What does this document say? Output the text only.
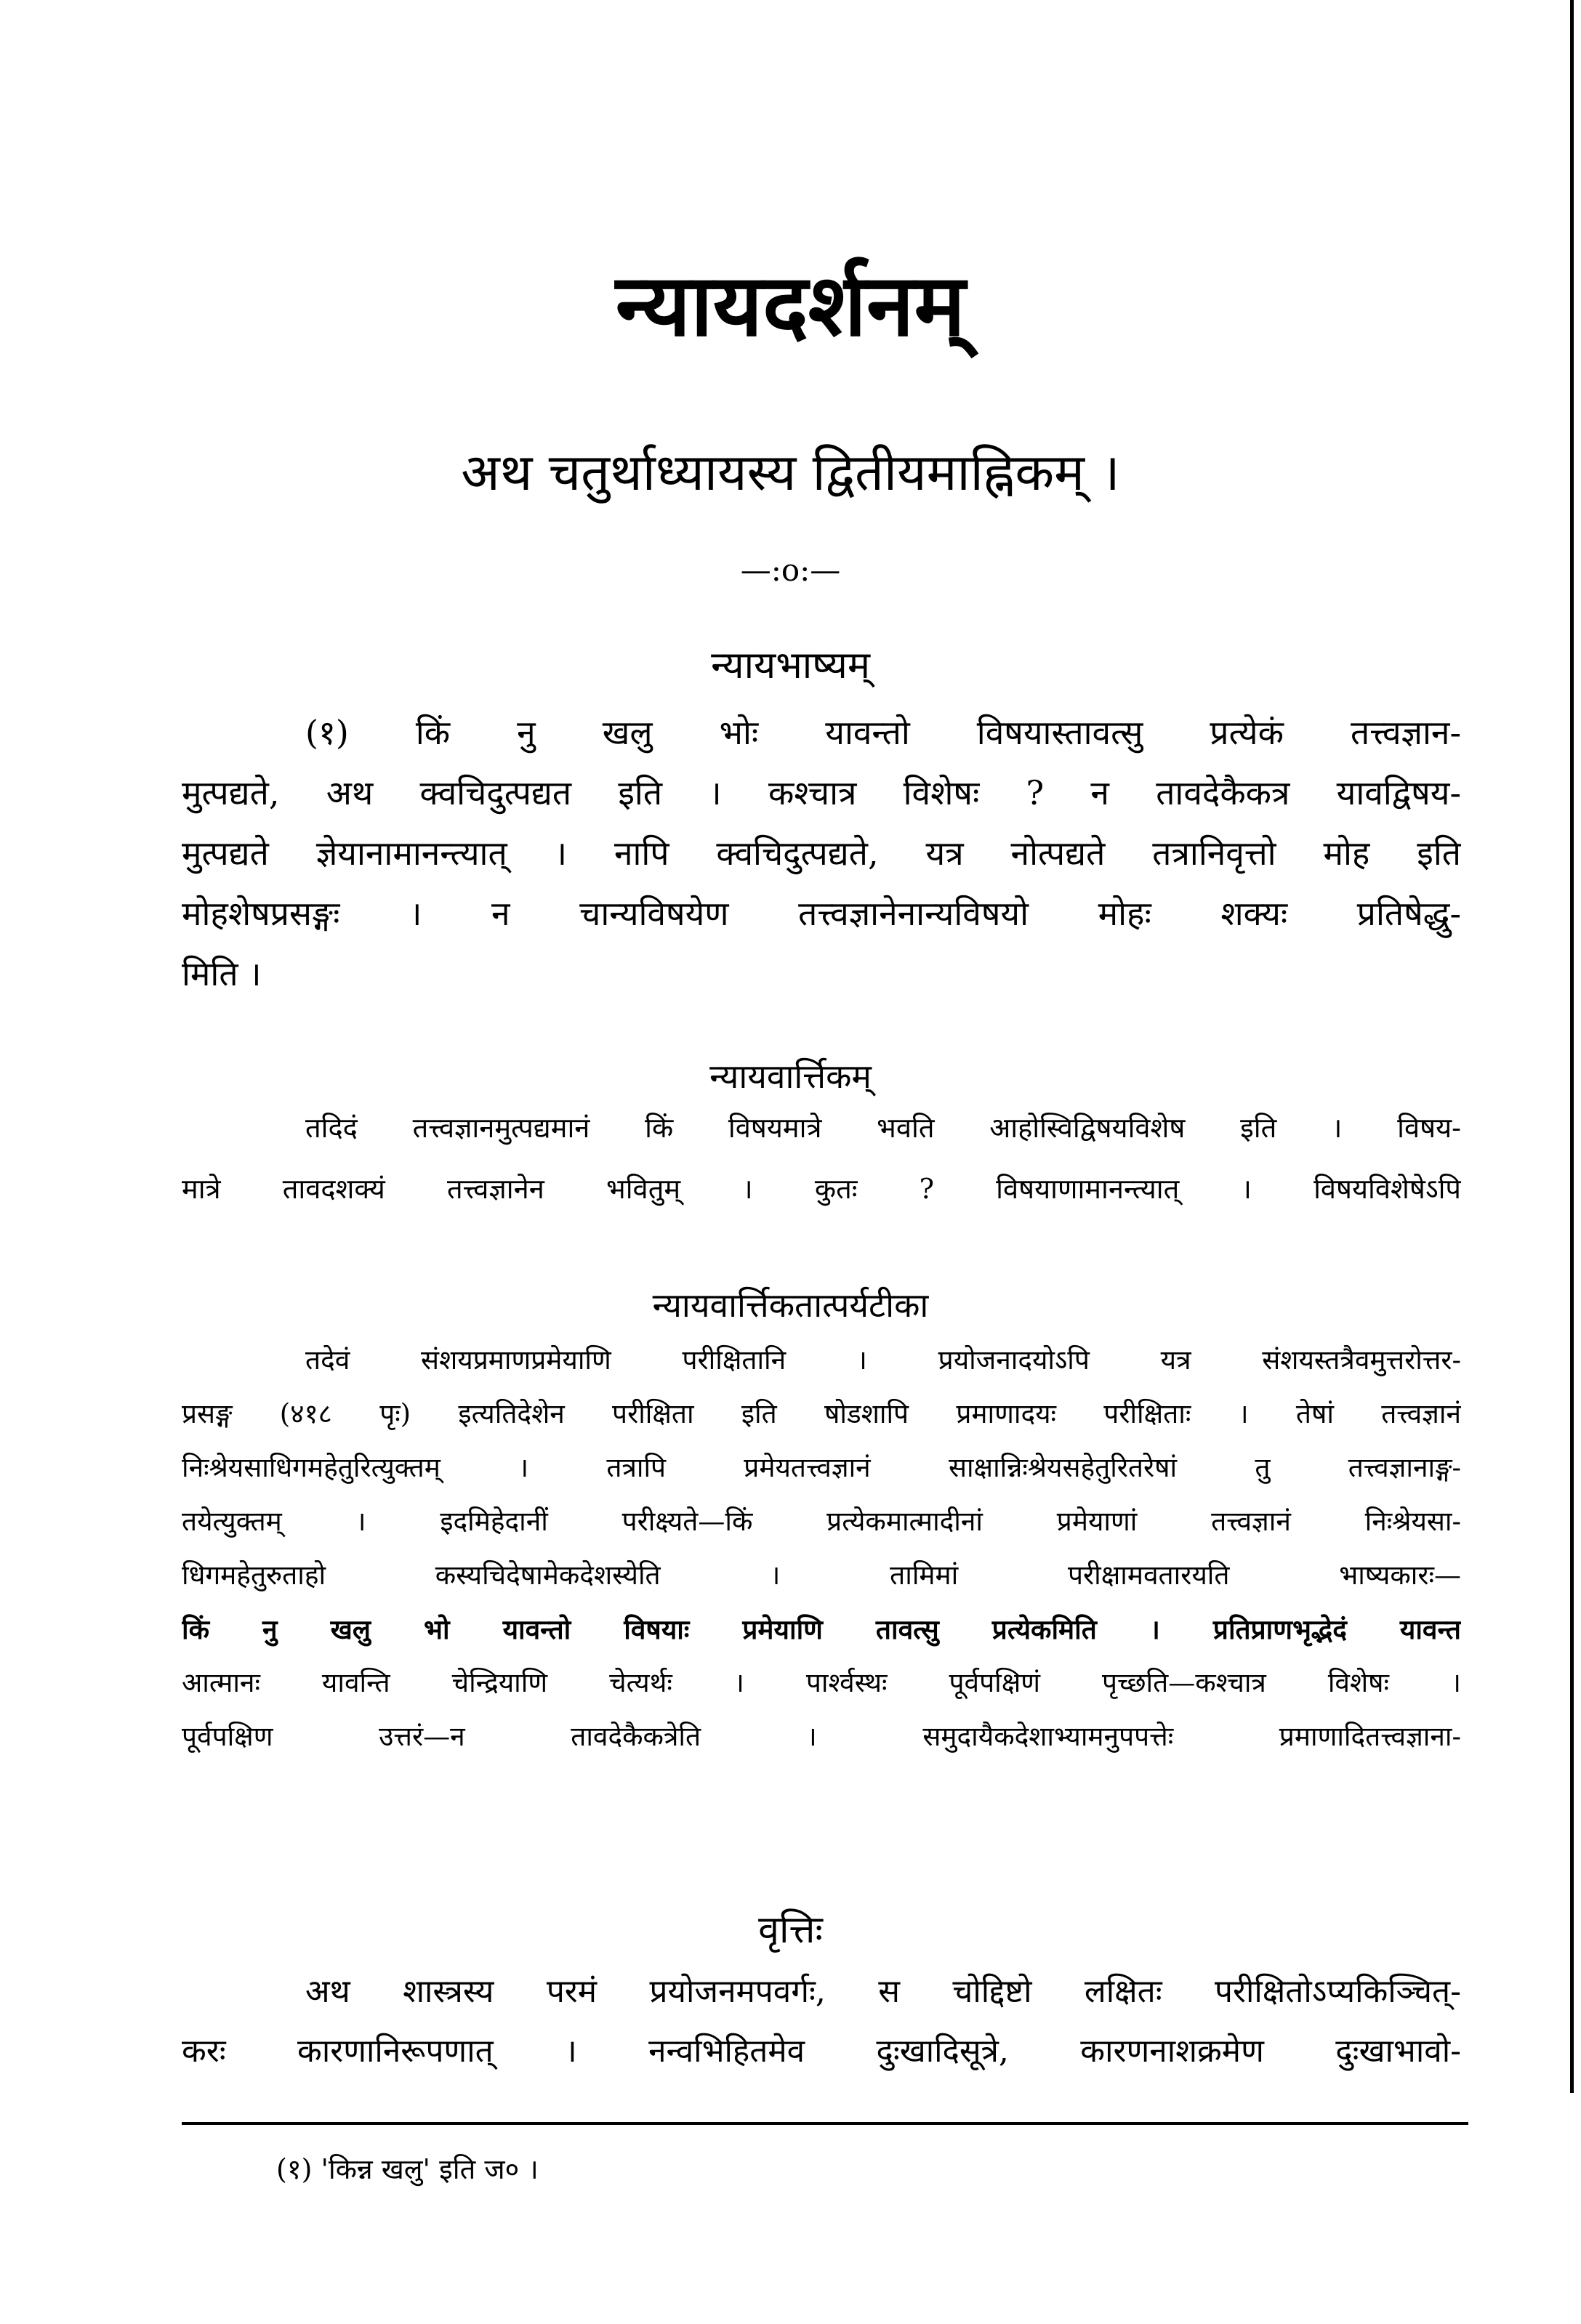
न्यायदर्शनम्
अथ चतुर्थाध्यायस्य द्वितीयमाह्निकम् ।
—:o:—
न्यायभाष्यम्
(१) किं नु खलु भोः यावन्तो विषयास्तावत्सु प्रत्येकं तत्त्वज्ञान-
मुत्पद्यते, अथ क्वचिदुत्पद्यत इति । कश्चात्र विशेषः ? न तावदेकैकत्र यावद्विषय-
मुत्पद्यते ज्ञेयानामानन्त्यात् । नापि क्वचिदुत्पद्यते, यत्र नोत्पद्यते तत्रानिवृत्तो मोह इति
मोहशेषप्रसङ्गः । न चान्यविषयेण तत्त्वज्ञानेनान्यविषयो मोहः शक्यः प्रतिषेद्धु-
मिति ।
न्यायवार्त्तिकम्
तदिदं तत्त्वज्ञानमुत्पद्यमानं किं विषयमात्रे भवति आहोस्विद्विषयविशेष इति । विषय-
मात्रे तावदशक्यं तत्त्वज्ञानेन भवितुम् । कुतः ? विषयाणामानन्त्यात् । विषयविशेषेऽपि
न्यायवार्त्तिकतात्पर्यटीका
तदेवं संशयप्रमाणप्रमेयाणि परीक्षितानि । प्रयोजनादयोऽपि यत्र संशयस्तत्रैवमुत्तरोत्तर-
प्रसङ्ग (४१८ पृः) इत्यतिदेशेन परीक्षिता इति षोडशापि प्रमाणादयः परीक्षिताः । तेषां तत्त्वज्ञानं
निःश्रेयसाधिगमहेतुरित्युक्तम् । तत्रापि प्रमेयतत्त्वज्ञानं साक्षान्निःश्रेयसहेतुरितरेषां तु तत्त्वज्ञानाङ्ग-
तयेत्युक्तम् । इदमिहेदानीं परीक्ष्यते—किं प्रत्येकमात्मादीनां प्रमेयाणां तत्त्वज्ञानं निःश्रेयसा-
धिगमहेतुरुताहो कस्यचिदेषामेकदेशस्येति । तामिमां परीक्षामवतारयति भाष्यकारः—
किं नु खलु भो यावन्तो विषयाः प्रमेयाणि तावत्सु प्रत्येकमिति । प्रतिप्राणभृद्भेदं यावन्त
आत्मानः यावन्ति चेन्द्रियाणि चेत्यर्थः । पार्श्वस्थः पूर्वपक्षिणं पृच्छति—कश्चात्र विशेषः ।
पूर्वपक्षिण उत्तरं—न तावदेकैकत्रेति । समुदायैकदेशाभ्यामनुपपत्तेः प्रमाणादितत्त्वज्ञाना-
वृत्तिः
अथ शास्त्रस्य परमं प्रयोजनमपवर्गः, स चोद्दिष्टो लक्षितः परीक्षितोऽप्यकिञ्चित्-
करः कारणानिरूपणात् । नन्वभिहितमेव दुःखादिसूत्रे, कारणनाशक्रमेण दुःखाभावो-
(१) 'किन्न खलु' इति ज० ।
